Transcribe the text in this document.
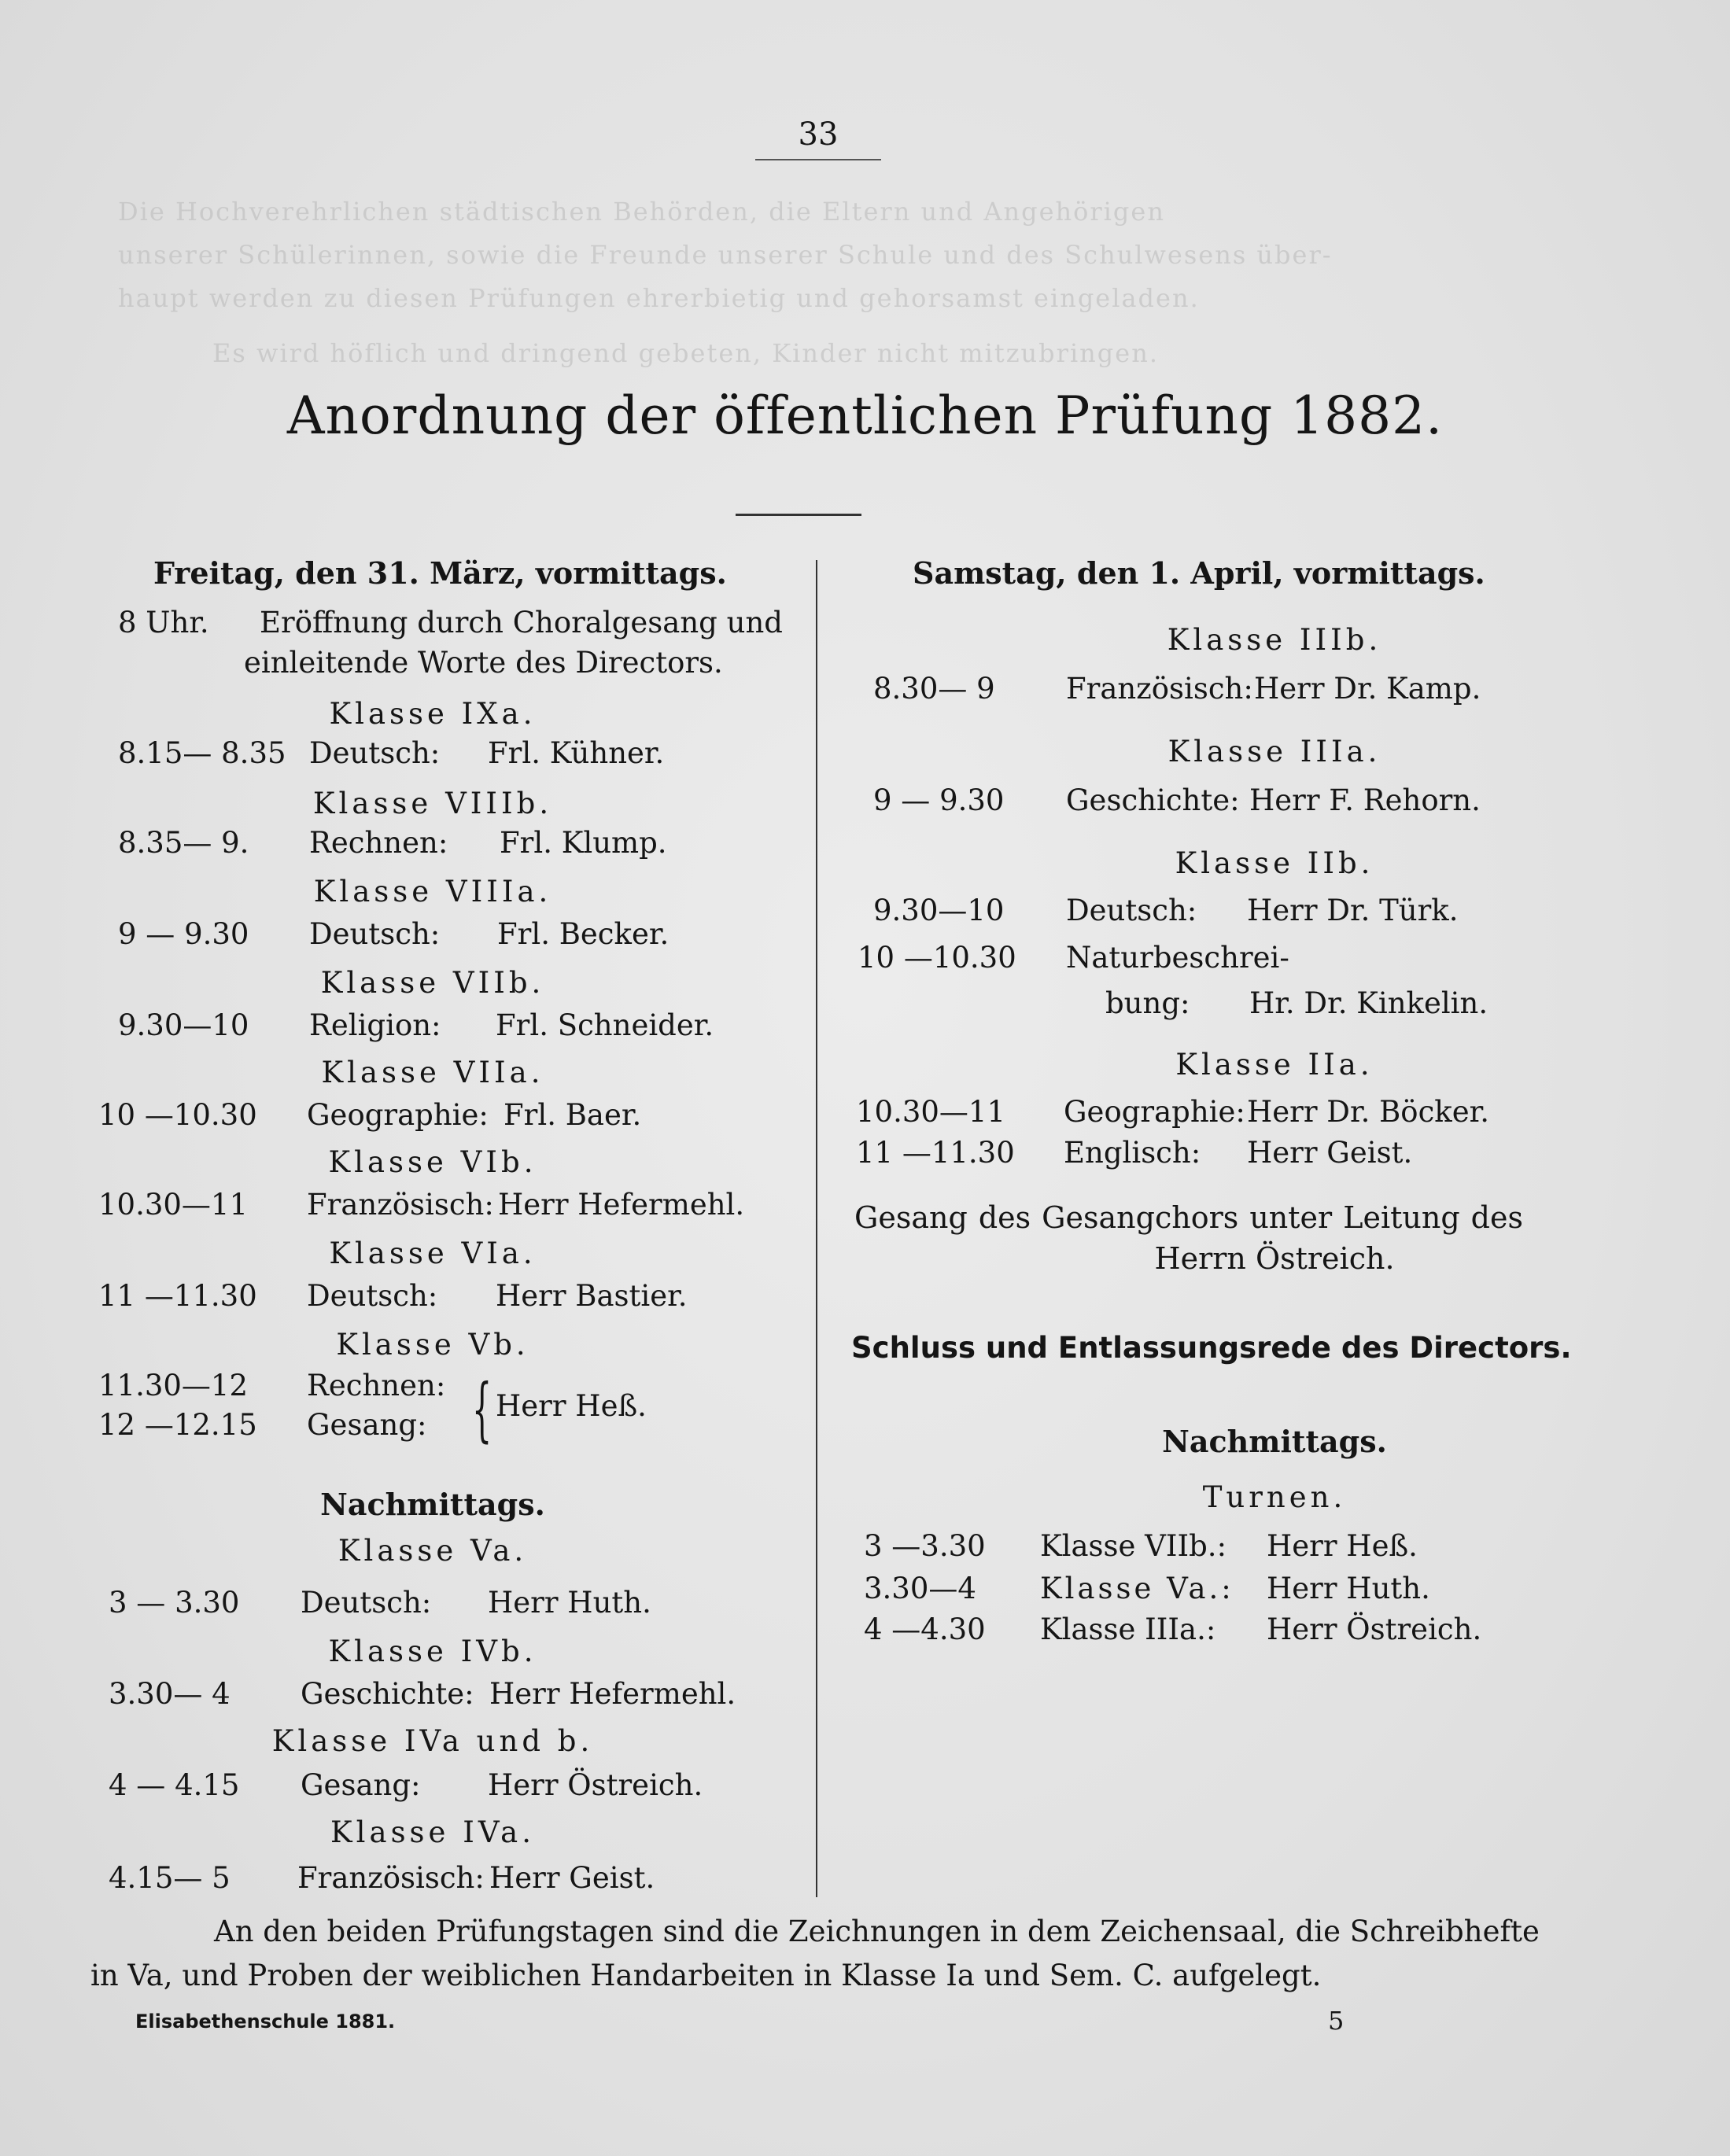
Die Hochverehrlichen städtischen Behörden, die Eltern und Angehörigen
unserer Schülerinnen, sowie die Freunde unserer Schule und des Schulwesens über-
haupt werden zu diesen Prüfungen ehrerbietig und gehorsamst eingeladen.
Es wird höflich und dringend gebeten, Kinder nicht mitzubringen.
33
Anordnung der öffentlichen Prüfung 1882.
Freitag, den 31. März, vormittags.
8 Uhr. Eröffnung durch Choralgesang und
einleitende Worte des Directors.
Klasse IXa.
8.15— 8.35 Deutsch: Frl. Kühner.
Klasse VIIIb.
8.35— 9. Rechnen: Frl. Klump.
Klasse VIIIa.
9 — 9.30 Deutsch: Frl. Becker.
Klasse VIIb.
9.30—10 Religion: Frl. Schneider.
Klasse VIIa.
10 —10.30 Geographie: Frl. Baer.
Klasse VIb.
10.30—11 Französisch: Herr Hefermehl.
Klasse VIa.
11 —11.30 Deutsch: Herr Bastier.
Klasse Vb.
11.30—12 Rechnen:
12 —12.15 Gesang: { Herr Heß.
Nachmittags.
Klasse Va.
3 — 3.30 Deutsch: Herr Huth.
Klasse IVb.
3.30— 4 Geschichte: Herr Hefermehl.
Klasse IVa und b.
4 — 4.15 Gesang: Herr Östreich.
Klasse IVa.
4.15— 5 Französisch: Herr Geist.
Samstag, den 1. April, vormittags.
Klasse IIIb.
8.30— 9 Französisch: Herr Dr. Kamp.
Klasse IIIa.
9 — 9.30 Geschichte: Herr F. Rehorn.
Klasse IIb.
9.30—10 Deutsch: Herr Dr. Türk.
10 —10.30 Naturbeschrei-
bung: Hr. Dr. Kinkelin.
Klasse IIa.
10.30—11 Geographie: Herr Dr. Böcker.
11 —11.30 Englisch: Herr Geist.
Gesang des Gesangchors unter Leitung des
Herrn Östreich.
Schluss und Entlassungsrede des Directors.
Nachmittags.
Turnen.
3 —3.30 Klasse VIIb.: Herr Heß.
3.30—4 Klasse Va.: Herr Huth.
4 —4.30 Klasse IIIa.: Herr Östreich.
An den beiden Prüfungstagen sind die Zeichnungen in dem Zeichensaal, die Schreibhefte
in Va, und Proben der weiblichen Handarbeiten in Klasse Ia und Sem. C. aufgelegt.
Elisabethenschule 1881.	5
